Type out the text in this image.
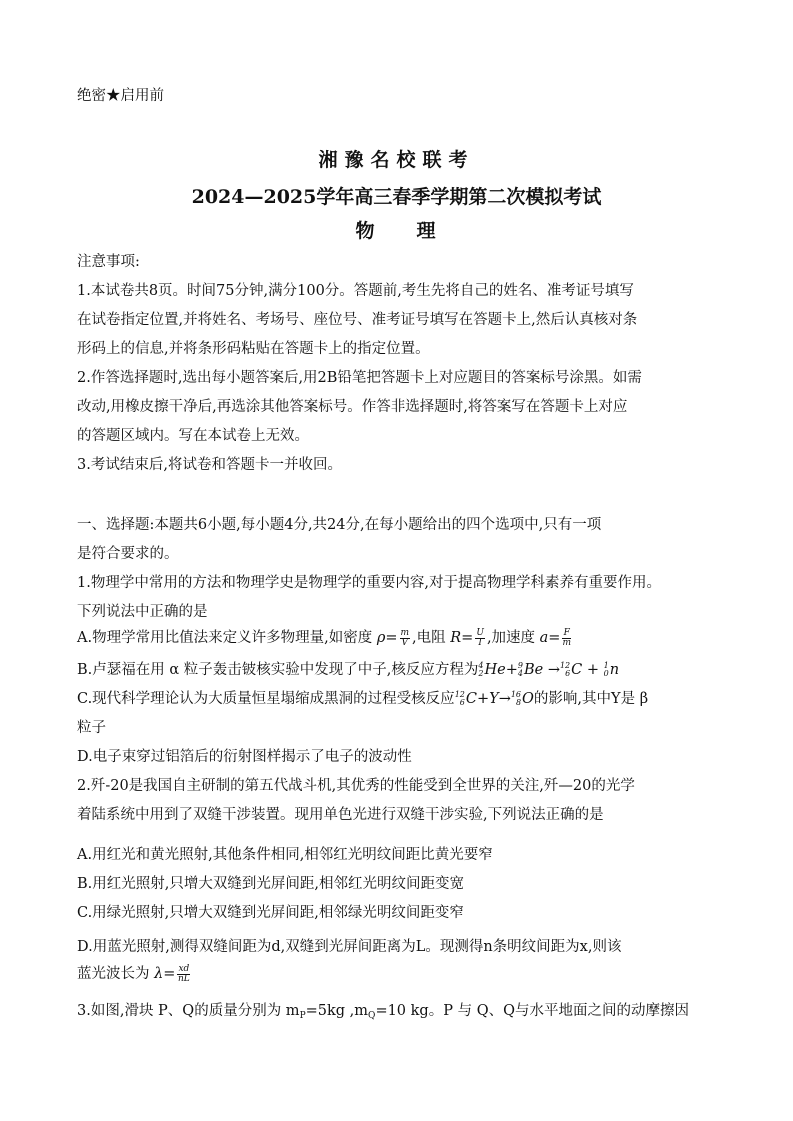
绝密★启用前
湘豫名校联考
2024—2025学年高三春季学期第二次模拟考试
物 理
注意事项:
1.本试卷共8页。时间75分钟,满分100分。答题前,考生先将自己的姓名、准考证号填写
在试卷指定位置,并将姓名、考场号、座位号、准考证号填写在答题卡上,然后认真核对条
形码上的信息,并将条形码粘贴在答题卡上的指定位置。
2.作答选择题时,选出每小题答案后,用2B铅笔把答题卡上对应题目的答案标号涂黑。如需
改动,用橡皮擦干净后,再选涂其他答案标号。作答非选择题时,将答案写在答题卡上对应
的答题区域内。写在本试卷上无效。
3.考试结束后,将试卷和答题卡一并收回。
一、选择题:本题共6小题,每小题4分,共24分,在每小题给出的四个选项中,只有一项
是符合要求的。
1.物理学中常用的方法和物理学史是物理学的重要内容,对于提高物理学科素养有重要作用。
下列说法中正确的是
A.物理学常用比值法来定义许多物理量,如密度 $\rho= \frac{m}{V}$ ,电阻 $R= \frac{U}{I}$ ,加速度 $a= \frac{F}{m}$
B.卢瑟福在用 α 粒子轰击铍核实验中发现了中子,核反应方程为 4
2 He+ 9
4 Be → 12
6 C + 1
0 n
C.现代科学理论认为大质量恒星塌缩成黑洞的过程受核反应 12
6 C+Y→ 16
8 O的影响,其中Y是 β
粒子
D.电子束穿过铝箔后的衍射图样揭示了电子的波动性
2.歼-20是我国自主研制的第五代战斗机,其优秀的性能受到全世界的关注,歼—20的光学
着陆系统中用到了双缝干涉装置。现用单色光进行双缝干涉实验,下列说法正确的是
A.用红光和黄光照射,其他条件相同,相邻红光明纹间距比黄光要窄
B.用红光照射,只增大双缝到光屏间距,相邻红光明纹间距变宽
C.用绿光照射,只增大双缝到光屏间距,相邻绿光明纹间距变窄
D.用蓝光照射,测得双缝间距为d,双缝到光屏间距离为L。现测得n条明纹间距为x,则该
蓝光波长为 $\lambda= \frac{xd}{nL}$
3.如图,滑块 P、Q的质量分别为 $m_P=5kg$ $,m_Q=10$ kg。P 与 Q、Q与水平地面之间的动摩擦因
